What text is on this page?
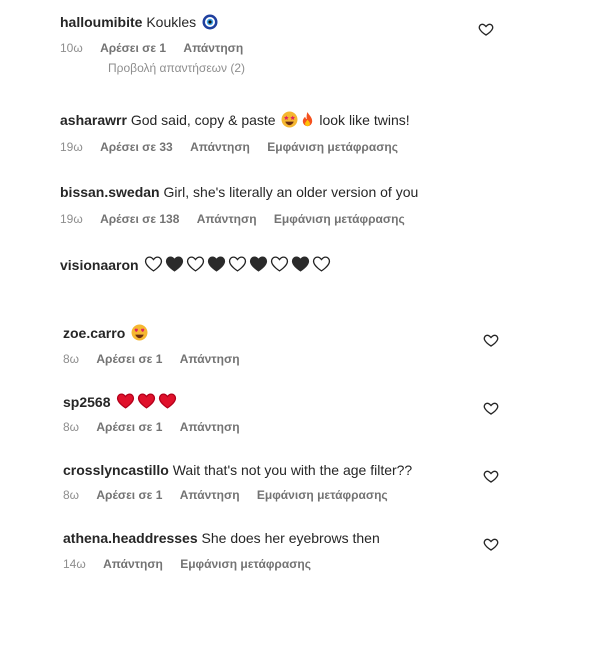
halloumibite Koukles
10ω Αρέσει σε 1 Απάντηση
Προβολή απαντήσεων (2)
asharawrr God said, copy & paste	look like twins!
19ω Αρέσει σε 33 Απάντηση Εμφάνιση μετάφρασης
bissan.swedan Girl, she's literally an older version of you
19ω Αρέσει σε 138 Απάντηση Εμφάνιση μετάφρασης
visionaaron
zoe.carro
8ω Αρέσει σε 1 Απάντηση
sp2568
8ω Αρέσει σε 1 Απάντηση
crosslyncastillo Wait that's not you with the age filter??
8ω Αρέσει σε 1 Απάντηση Εμφάνιση μετάφρασης
athena.headdresses She does her eyebrows then
14ω Απάντηση Εμφάνιση μετάφρασης
